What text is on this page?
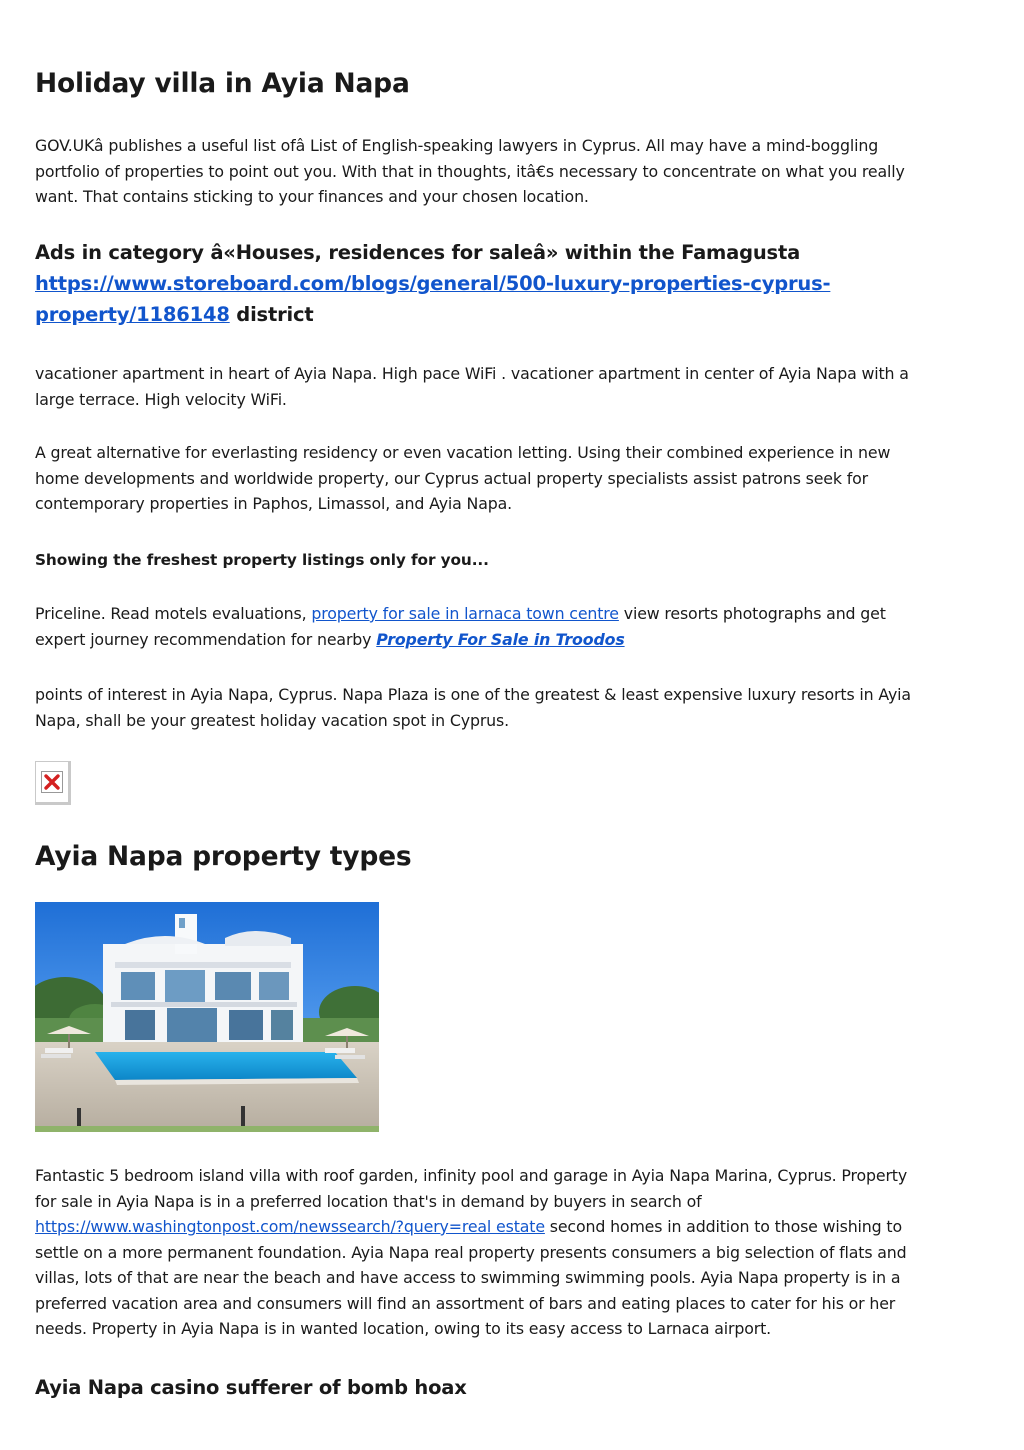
Holiday villa in Ayia Napa

GOV.UKâ publishes a useful list ofâ List of English-speaking lawyers in Cyprus. All may have a mind-boggling
portfolio of properties to point out you. With that in thoughts, itâ€s necessary to concentrate on what you really
want. That contains sticking to your finances and your chosen location.

Ads in category â«Houses, residences for saleâ» within the Famagusta
https://www.storeboard.com/blogs/general/500-luxury-properties-cyprus-
property/1186148 district

vacationer apartment in heart of Ayia Napa. High pace WiFi . vacationer apartment in center of Ayia Napa with a
large terrace. High velocity WiFi.

A great alternative for everlasting residency or even vacation letting. Using their combined experience in new
home developments and worldwide property, our Cyprus actual property specialists assist patrons seek for
contemporary properties in Paphos, Limassol, and Ayia Napa.

Showing the freshest property listings only for you...

Priceline. Read motels evaluations, property for sale in larnaca town centre view resorts photographs and get
expert journey recommendation for nearby Property For Sale in Troodos

points of interest in Ayia Napa, Cyprus. Napa Plaza is one of the greatest & least expensive luxury resorts in Ayia
Napa, shall be your greatest holiday vacation spot in Cyprus.

Ayia Napa property types

Fantastic 5 bedroom island villa with roof garden, infinity pool and garage in Ayia Napa Marina, Cyprus. Property
for sale in Ayia Napa is in a preferred location that's in demand by buyers in search of
https://www.washingtonpost.com/newssearch/?query=real estate second homes in addition to those wishing to
settle on a more permanent foundation. Ayia Napa real property presents consumers a big selection of flats and
villas, lots of that are near the beach and have access to swimming swimming pools. Ayia Napa property is in a
preferred vacation area and consumers will find an assortment of bars and eating places to cater for his or her
needs. Property in Ayia Napa is in wanted location, owing to its easy access to Larnaca airport.

Ayia Napa casino sufferer of bomb hoax
